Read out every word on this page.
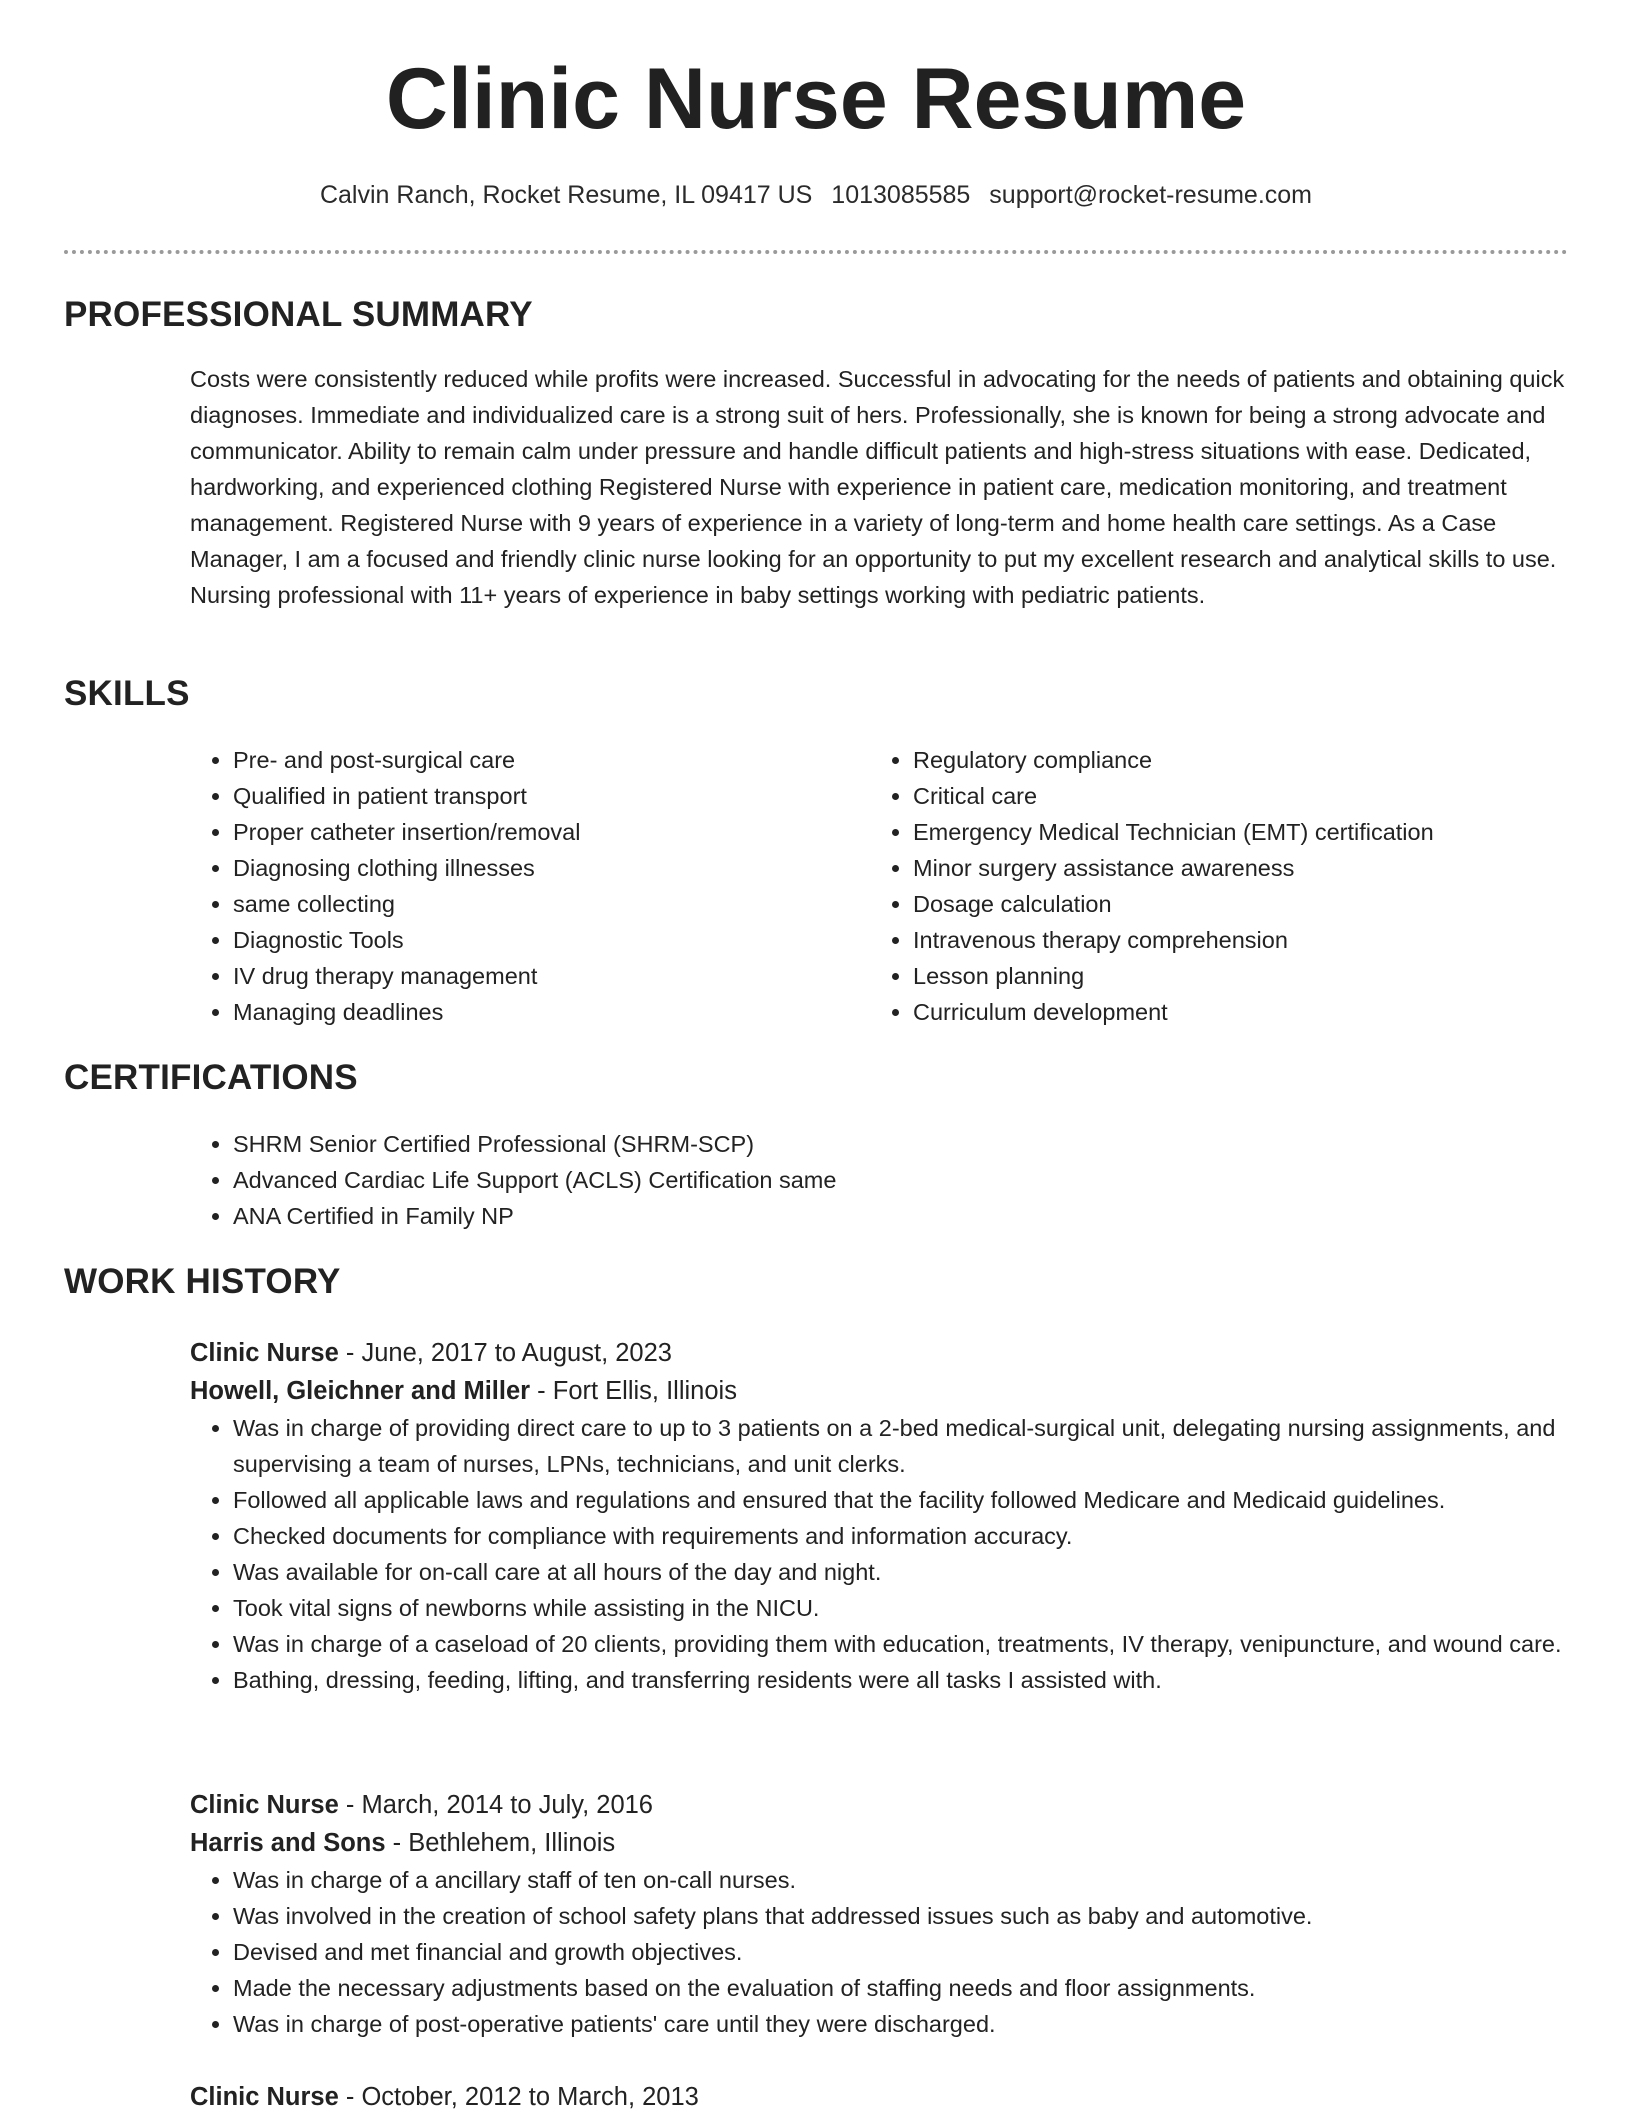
Clinic Nurse Resume
Calvin Ranch, Rocket Resume, IL 09417 US 1013085585 support@rocket-resume.com
PROFESSIONAL SUMMARY

Costs were consistently reduced while profits were increased. Successful in advocating for the needs of patients and obtaining quick diagnoses. Immediate and individualized care is a strong suit of hers. Professionally, she is known for being a strong advocate and communicator. Ability to remain calm under pressure and handle difficult patients and high-stress situations with ease. Dedicated, hardworking, and experienced clothing Registered Nurse with experience in patient care, medication monitoring, and treatment management. Registered Nurse with 9 years of experience in a variety of long-term and home health care settings. As a Case Manager, I am a focused and friendly clinic nurse looking for an opportunity to put my excellent research and analytical skills to use. Nursing professional with 11+ years of experience in baby settings working with pediatric patients.

SKILLS
• Pre- and post-surgical care
• Qualified in patient transport
• Proper catheter insertion/removal
• Diagnosing clothing illnesses
• same collecting
• Diagnostic Tools
• IV drug therapy management
• Managing deadlines
• Regulatory compliance
• Critical care
• Emergency Medical Technician (EMT) certification
• Minor surgery assistance awareness
• Dosage calculation
• Intravenous therapy comprehension
• Lesson planning
• Curriculum development
CERTIFICATIONS
• SHRM Senior Certified Professional (SHRM-SCP)
• Advanced Cardiac Life Support (ACLS) Certification same
• ANA Certified in Family NP
WORK HISTORY
Clinic Nurse - June, 2017 to August, 2023
Howell, Gleichner and Miller - Fort Ellis, Illinois
• Was in charge of providing direct care to up to 3 patients on a 2-bed medical-surgical unit, delegating nursing assignments, and supervising a team of nurses, LPNs, technicians, and unit clerks.
• Followed all applicable laws and regulations and ensured that the facility followed Medicare and Medicaid guidelines.
• Checked documents for compliance with requirements and information accuracy.
• Was available for on-call care at all hours of the day and night.
• Took vital signs of newborns while assisting in the NICU.
• Was in charge of a caseload of 20 clients, providing them with education, treatments, IV therapy, venipuncture, and wound care.
• Bathing, dressing, feeding, lifting, and transferring residents were all tasks I assisted with.
Clinic Nurse - March, 2014 to July, 2016
Harris and Sons - Bethlehem, Illinois
• Was in charge of a ancillary staff of ten on-call nurses.
• Was involved in the creation of school safety plans that addressed issues such as baby and automotive.
• Devised and met financial and growth objectives.
• Made the necessary adjustments based on the evaluation of staffing needs and floor assignments.
• Was in charge of post-operative patients' care until they were discharged.
Clinic Nurse - October, 2012 to March, 2013
